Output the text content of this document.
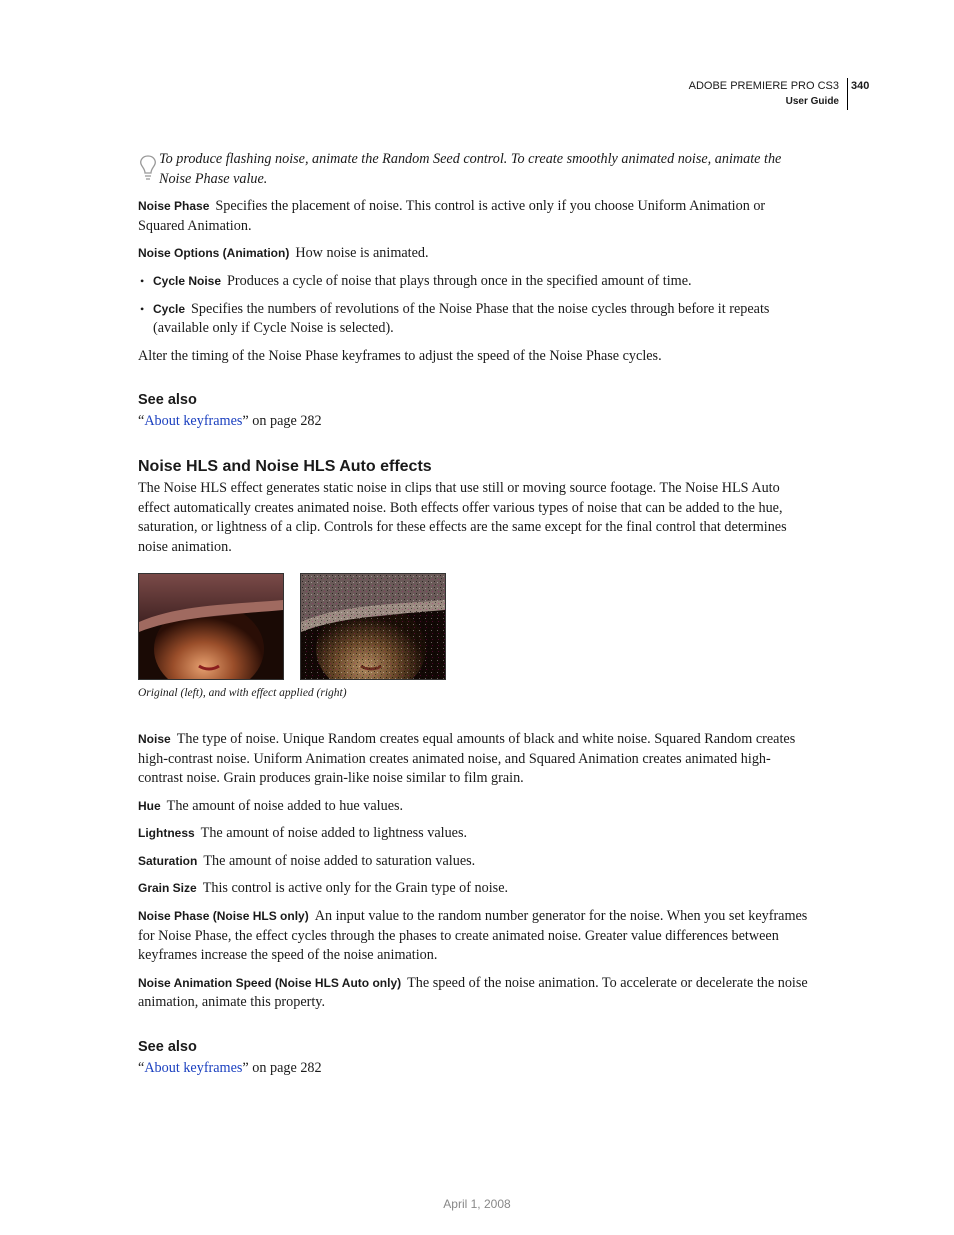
ADOBE PREMIERE PRO CS3
User Guide
340

To produce flashing noise, animate the Random Seed control. To create smoothly animated noise, animate the Noise Phase value.

Noise Phase Specifies the placement of noise. This control is active only if you choose Uniform Animation or Squared Animation.

Noise Options (Animation) How noise is animated.

• Cycle Noise Produces a cycle of noise that plays through once in the specified amount of time.

• Cycle Specifies the numbers of revolutions of the Noise Phase that the noise cycles through before it repeats (available only if Cycle Noise is selected).

Alter the timing of the Noise Phase keyframes to adjust the speed of the Noise Phase cycles.

See also

“About keyframes” on page 282

Noise HLS and Noise HLS Auto effects

The Noise HLS effect generates static noise in clips that use still or moving source footage. The Noise HLS Auto effect automatically creates animated noise. Both effects offer various types of noise that can be added to the hue, saturation, or lightness of a clip. Controls for these effects are the same except for the final control that determines noise animation.

Original (left), and with effect applied (right)

Noise The type of noise. Unique Random creates equal amounts of black and white noise. Squared Random creates high-contrast noise. Uniform Animation creates animated noise, and Squared Animation creates animated high-contrast noise. Grain produces grain-like noise similar to film grain.

Hue The amount of noise added to hue values.

Lightness The amount of noise added to lightness values.

Saturation The amount of noise added to saturation values.

Grain Size This control is active only for the Grain type of noise.

Noise Phase (Noise HLS only) An input value to the random number generator for the noise. When you set keyframes for Noise Phase, the effect cycles through the phases to create animated noise. Greater value differences between keyframes increase the speed of the noise animation.

Noise Animation Speed (Noise HLS Auto only) The speed of the noise animation. To accelerate or decelerate the noise animation, animate this property.

See also

“About keyframes” on page 282

April 1, 2008
